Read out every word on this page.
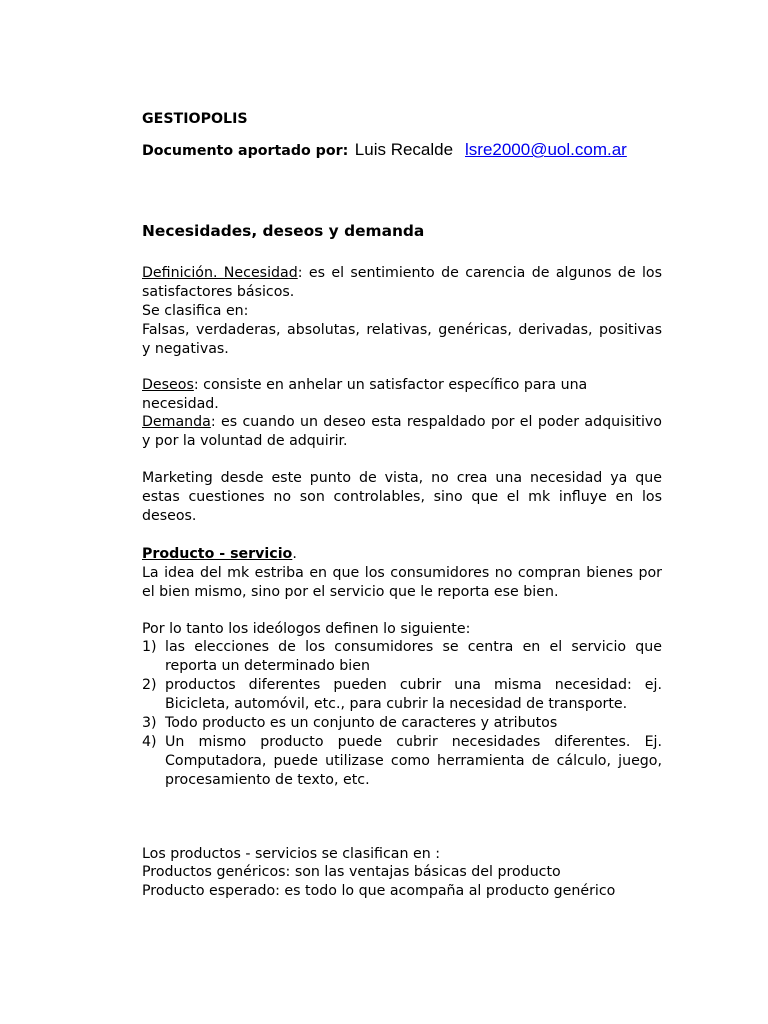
GESTIOPOLIS
Documento aportado por: Luis Recalde lsre2000@uol.com.ar
Necesidades, deseos y demanda

Definición. Necesidad: es el sentimiento de carencia de algunos de los satisfactores básicos.

Se clasifica en:

Falsas, verdaderas, absolutas, relativas, genéricas, derivadas, positivas y negativas.

Deseos: consiste en anhelar un satisfactor específico para una necesidad.

Demanda: es cuando un deseo esta respaldado por el poder adquisitivo y por la voluntad de adquirir.

Marketing desde este punto de vista, no crea una necesidad ya que estas cuestiones no son controlables, sino que el mk influye en los deseos.

Producto - servicio.

La idea del mk estriba en que los consumidores no compran bienes por el bien mismo, sino por el servicio que le reporta ese bien.

Por lo tanto los ideólogos definen lo siguiente:

1) las elecciones de los consumidores se centra en el servicio que reporta un determinado bien
2) productos diferentes pueden cubrir una misma necesidad: ej. Bicicleta, automóvil, etc., para cubrir la necesidad de transporte.
3) Todo producto es un conjunto de caracteres y atributos
4) Un mismo producto puede cubrir necesidades diferentes. Ej. Computadora, puede utilizase como herramienta de cálculo, juego, procesamiento de texto, etc.

Los productos - servicios se clasifican en :

Productos genéricos: son las ventajas básicas del producto

Producto esperado: es todo lo que acompaña al producto genérico
